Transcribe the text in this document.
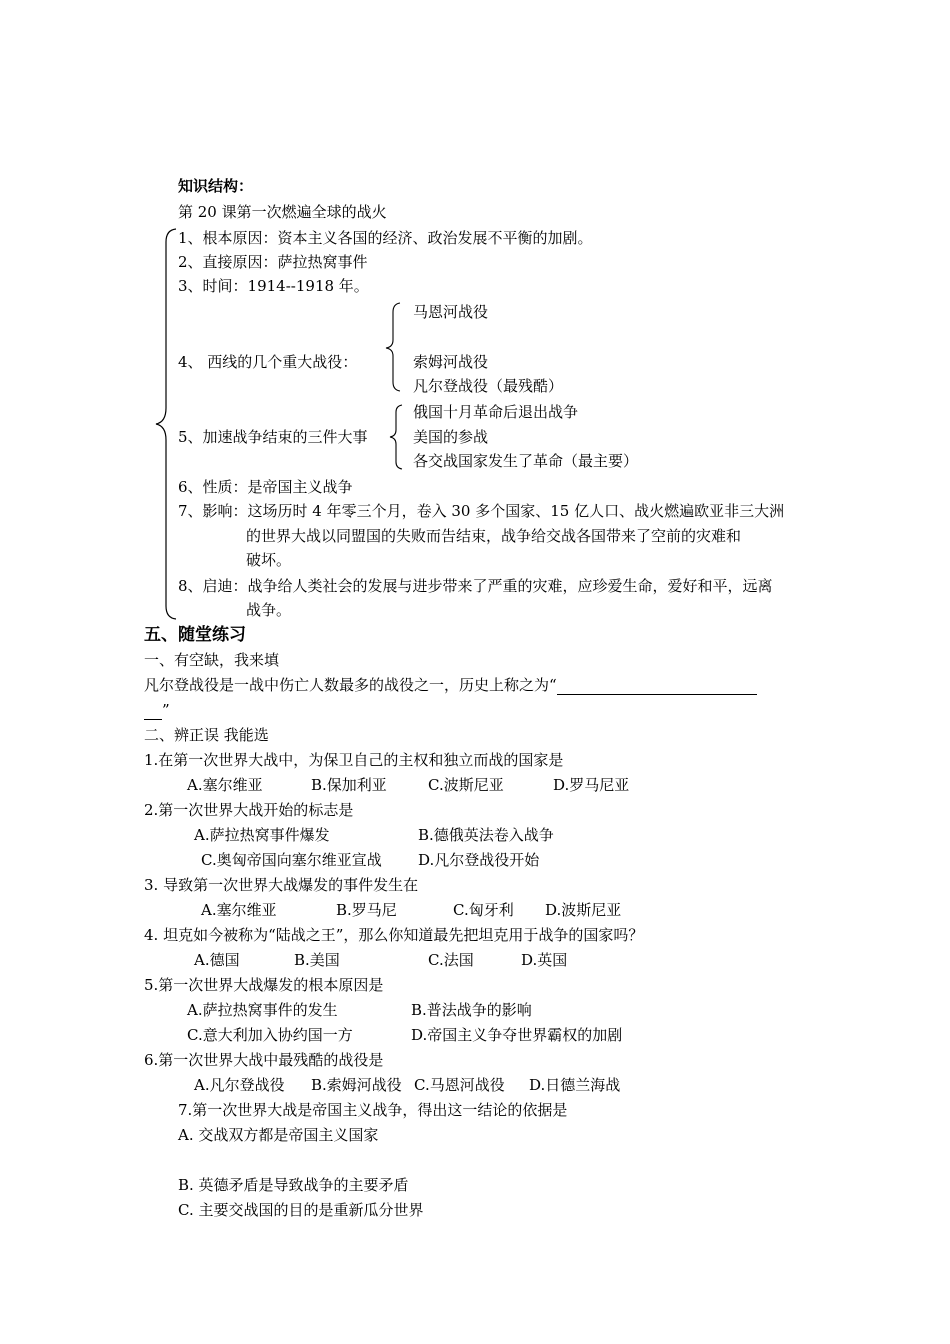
知识结构：
第 20 课第一次燃遍全球的战火
1、根本原因：资本主义各国的经济、政治发展不平衡的加剧。
2、直接原因：萨拉热窝事件
3、时间：1914--1918 年。
4、 西线的几个重大战役：
马恩河战役
索姆河战役
凡尔登战役（最残酷）
5、加速战争结束的三件大事
俄国十月革命后退出战争
美国的参战
各交战国家发生了革命（最主要）
6、性质：是帝国主义战争
7、影响：这场历时 4 年零三个月，卷入 30 多个国家、15 亿人口、战火燃遍欧亚非三大洲
的世界大战以同盟国的失败而告结束，战争给交战各国带来了空前的灾难和
破坏。
8、启迪：战争给人类社会的发展与进步带来了严重的灾难，应珍爱生命，爱好和平，远离
战争。
五、随堂练习
一、有空缺，我来填
凡尔登战役是一战中伤亡人数最多的战役之一，历史上称之为“
”
二、辨正误 我能选
1.在第一次世界大战中，为保卫自己的主权和独立而战的国家是
A.塞尔维亚	B.保加利亚	C.波斯尼亚	D.罗马尼亚
2.第一次世界大战开始的标志是
A.萨拉热窝事件爆发	B.德俄英法卷入战争
C.奥匈帝国向塞尔维亚宣战 D.凡尔登战役开始
3. 导致第一次世界大战爆发的事件发生在
A.塞尔维亚	B.罗马尼	C.匈牙利 D.波斯尼亚
4. 坦克如今被称为“陆战之王”，那么你知道最先把坦克用于战争的国家吗？
A.德国	B.美国	C.法国	D.英国
5.第一次世界大战爆发的根本原因是
A.萨拉热窝事件的发生	B.普法战争的影响
C.意大利加入协约国一方	D.帝国主义争夺世界霸权的加剧
6.第一次世界大战中最残酷的战役是
A.凡尔登战役 B.索姆河战役 C.马恩河战役 D.日德兰海战
7.第一次世界大战是帝国主义战争，得出这一结论的依据是
A. 交战双方都是帝国主义国家
B. 英德矛盾是导致战争的主要矛盾
C. 主要交战国的目的是重新瓜分世界
